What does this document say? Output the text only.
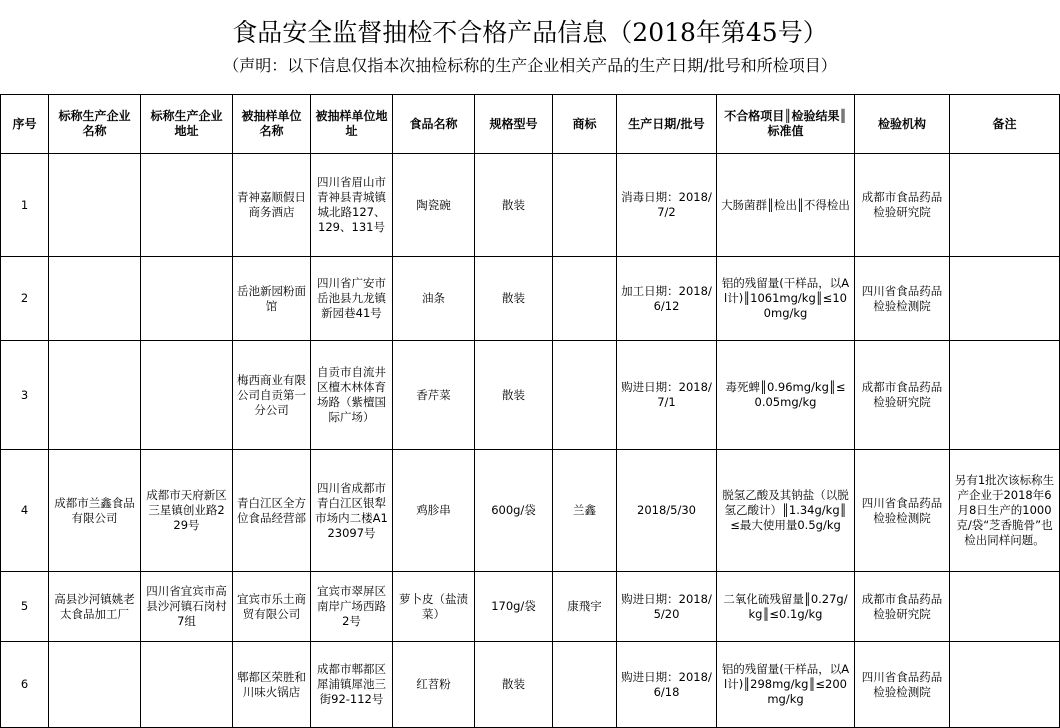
食品安全监督抽检不合格产品信息（2018年第45号）
（声明：以下信息仅指本次抽检标称的生产企业相关产品的生产日期/批号和所检项目）
序号	标称生产企业名称	标称生产企业地址	被抽样单位名称	被抽样单位地址	食品名称	规格型号	商标	生产日期/批号	不合格项目║检验结果║标准值	检验机构	备注
1			青神嘉顺假日商务酒店	四川省眉山市青神县青城镇城北路127、129、131号	陶瓷碗	散装		消毒日期：2018/7/2	大肠菌群║检出║不得检出	成都市食品药品检验研究院	
2			岳池新园粉面馆	四川省广安市岳池县九龙镇新园巷41号	油条	散装		加工日期：2018/6/12	铝的残留量(干样品，以Al计)║1061mg/kg║≤100mg/kg	四川省食品药品检验检测院	
3			梅西商业有限公司自贡第一分公司	自贡市自流井区檀木林体育场路（紫檀国际广场）	香芹菜	散装		购进日期：2018/7/1	毒死蜱║0.96mg/kg║≤0.05mg/kg	成都市食品药品检验研究院	
4	成都市兰鑫食品有限公司	成都市天府新区三星镇创业路229号	青白江区全方位食品经营部	四川省成都市青白江区银犁市场内二楼A123097号	鸡胗串	600g/袋	兰鑫	2018/5/30	脱氢乙酸及其钠盐（以脱氢乙酸计）║1.34g/kg║≤最大使用量0.5g/kg	四川省食品药品检验检测院	另有1批次该标称生产企业于2018年6月8日生产的1000克/袋“芝香脆骨”也检出同样问题。
5	高县沙河镇姚老太食品加工厂	四川省宜宾市高县沙河镇石岗村7组	宜宾市乐土商贸有限公司	宜宾市翠屏区南岸广场西路2号	萝卜皮（盐渍菜）	170g/袋	康飛宇	购进日期：2018/5/20	二氧化硫残留量║0.27g/kg║≤0.1g/kg	成都市食品药品检验研究院	
6			郫都区荣胜和川味火锅店	成都市郫都区犀浦镇犀池三街92-112号	红苕粉	散装		购进日期：2018/6/18	铝的残留量(干样品，以Al计)║298mg/kg║≤200mg/kg	四川省食品药品检验检测院	
